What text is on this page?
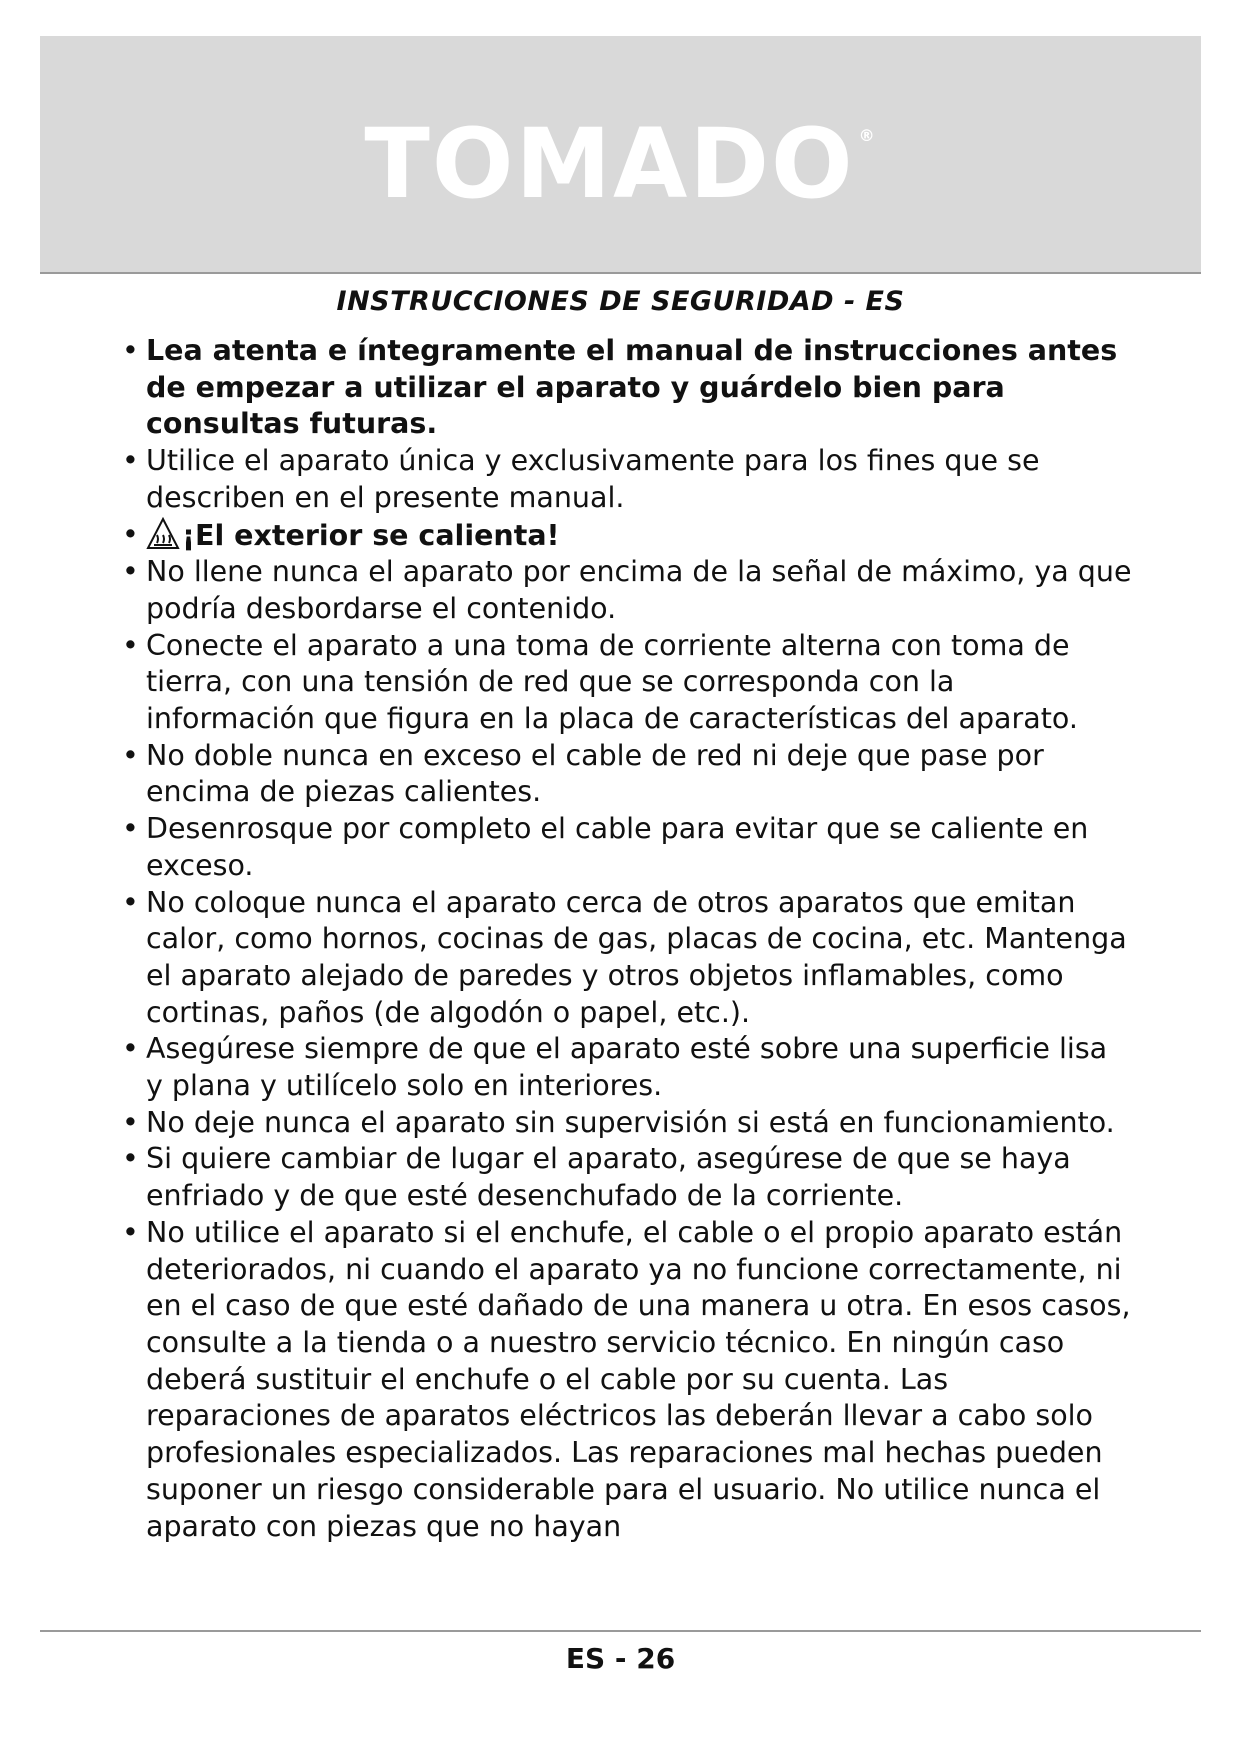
TOMADO ®
INSTRUCCIONES DE SEGURIDAD - ES
• Lea atenta e íntegramente el manual de instrucciones antes de empezar a utilizar el aparato y guárdelo bien para consultas futuras.
• Utilice el aparato única y exclusivamente para los fines que se describen en el presente manual.
• ¡El exterior se calienta!
• No llene nunca el aparato por encima de la señal de máximo, ya que podría desbordarse el contenido.
• Conecte el aparato a una toma de corriente alterna con toma de tierra, con una tensión de red que se corresponda con la información que figura en la placa de características del aparato.
• No doble nunca en exceso el cable de red ni deje que pase por encima de piezas calientes.
• Desenrosque por completo el cable para evitar que se caliente en exceso.
• No coloque nunca el aparato cerca de otros aparatos que emitan calor, como hornos, cocinas de gas, placas de cocina, etc. Mantenga el aparato alejado de paredes y otros objetos inflamables, como cortinas, paños (de algodón o papel, etc.).
• Asegúrese siempre de que el aparato esté sobre una superficie lisa y plana y utilícelo solo en interiores.
• No deje nunca el aparato sin supervisión si está en funcionamiento.
• Si quiere cambiar de lugar el aparato, asegúrese de que se haya enfriado y de que esté desenchufado de la corriente.
• No utilice el aparato si el enchufe, el cable o el propio aparato están deteriorados, ni cuando el aparato ya no funcione correctamente, ni en el caso de que esté dañado de una manera u otra. En esos casos, consulte a la tienda o a nuestro servicio técnico. En ningún caso deberá sustituir el enchufe o el cable por su cuenta. Las reparaciones de aparatos eléctricos las deberán llevar a cabo solo profesionales especializados. Las reparaciones mal hechas pueden suponer un riesgo considerable para el usuario. No utilice nunca el aparato con piezas que no hayan
ES - 26
